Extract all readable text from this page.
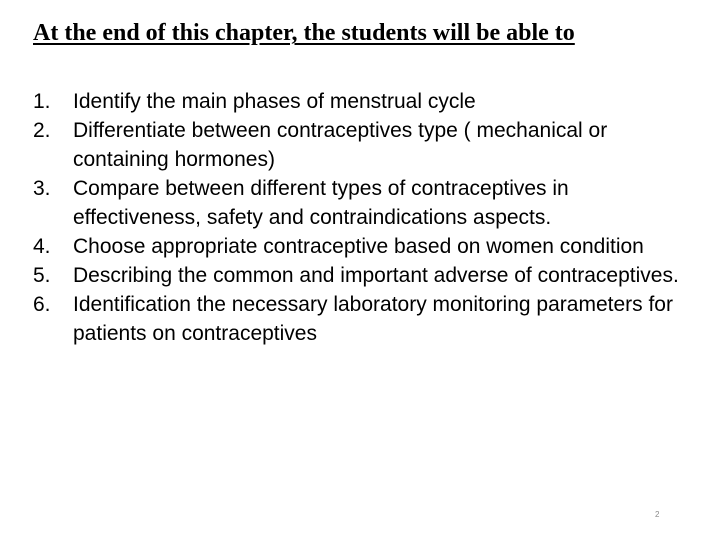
At the end of this chapter, the students will be able to
1.	Identify the main phases of menstrual cycle
2.	Differentiate between contraceptives type ( mechanical or containing hormones)
3.	Compare between different types of contraceptives in effectiveness, safety and contraindications aspects.
4.	Choose appropriate contraceptive based on women condition
5.	Describing the common and important adverse of contraceptives.
6.	Identification the necessary laboratory monitoring parameters for patients on contraceptives
2
